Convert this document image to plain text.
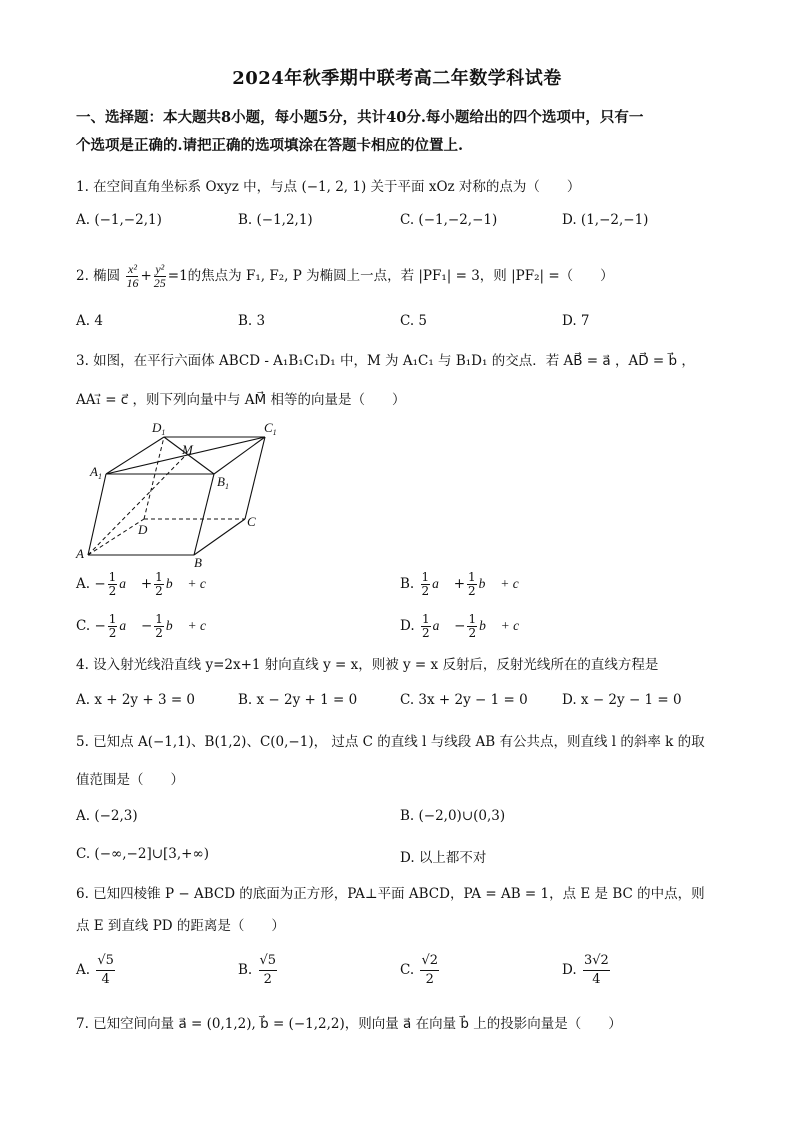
2024年秋季期中联考高二年数学科试卷
一、选择题：本大题共8小题，每小题5分，共计40分.每小题给出的四个选项中，只有一
个选项是正确的.请把正确的选项填涂在答题卡相应的位置上.
1. 在空间直角坐标系 Oxyz 中，与点 (−1, 2, 1) 关于平面 xOz 对称的点为（　　）
A. (−1,−2,1)	B. (−1,2,1)	C. (−1,−2,−1)	D. (1,−2,−1)
2. 椭圆 $\frac{\text{x²}}{16} + \frac{\text{y²}}{25} =1$的焦点为 F₁, F₂, P 为椭圆上一点，若 |PF₁| = 3，则 |PF₂| =（　　）
A. 4	B. 3	C. 5	D. 7
3. 如图，在平行六面体 ABCD - A₁B₁C₁D₁ 中，M 为 A₁C₁ 与 B₁D₁ 的交点．若 AB⃗ = a⃗ ，AD⃗ = b⃗ ，
AA₁⃗ = c⃗ ，则下列向量中与 AM⃗ 相等的向量是（　　）
$D_1$	$C_1$
M
$A_1$	$B_1$
D
C
A
B
A. − $\frac{1}{2}$ a⃗ + $\frac{1}{2}$ b⃗ + c⃗	B. $\frac{1}{2}$ a⃗ + $\frac{1}{2}$ b⃗ + c⃗
C. − $\frac{1}{2}$ a⃗ − $\frac{1}{2}$ b⃗ + c⃗	D. $\frac{1}{2}$ a⃗ − $\frac{1}{2}$ b⃗ + c⃗
4. 设入射光线沿直线 y=2x+1 射向直线 y = x，则被 y = x 反射后，反射光线所在的直线方程是
A. x + 2y + 3 = 0	B. x − 2y + 1 = 0	C. 3x + 2y − 1 = 0	D. x − 2y − 1 = 0
5. 已知点 A(−1,1)、B(1,2)、C(0,−1)， 过点 C 的直线 l 与线段 AB 有公共点，则直线 l 的斜率 k 的取
值范围是（　　）
A. (−2,3)	B. (−2,0)∪(0,3)
C. (−∞,−2]∪[3,+∞)	D. 以上都不对
6. 已知四棱锥 P − ABCD 的底面为正方形，PA⊥平面 ABCD，PA = AB = 1，点 E 是 BC 的中点，则
点 E 到直线 PD 的距离是（　　）
A. $\frac{√5}{4}$	B. $\frac{√5}{2}$	C. $\frac{√2}{2}$	D. $\frac{3√2}{4}$
7. 已知空间向量 a⃗ = (0,1,2), b⃗ = (−1,2,2)，则向量 a⃗ 在向量 b⃗ 上的投影向量是（　　）
